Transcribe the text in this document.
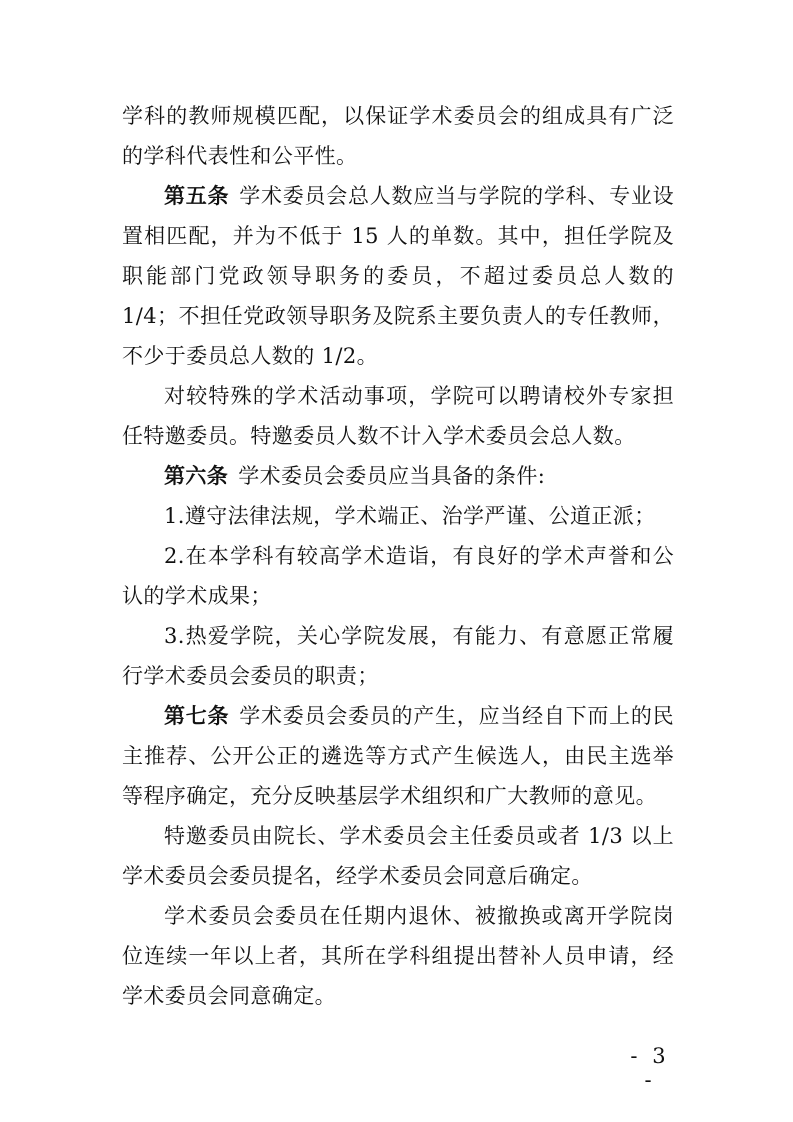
学科的教师规模匹配，以保证学术委员会的组成具有广泛的学科代表性和公平性。

第五条 学术委员会总人数应当与学院的学科、专业设置相匹配，并为不低于 15 人的单数。其中，担任学院及职能部门党政领导职务的委员，不超过委员总人数的 1/4；不担任党政领导职务及院系主要负责人的专任教师，不少于委员总人数的 1/2。

对较特殊的学术活动事项，学院可以聘请校外专家担任特邀委员。特邀委员人数不计入学术委员会总人数。

第六条 学术委员会委员应当具备的条件:

1.遵守法律法规，学术端正、治学严谨、公道正派；

2.在本学科有较高学术造诣，有良好的学术声誉和公认的学术成果；

3.热爱学院，关心学院发展，有能力、有意愿正常履行学术委员会委员的职责；

第七条 学术委员会委员的产生，应当经自下而上的民主推荐、公开公正的遴选等方式产生候选人，由民主选举等程序确定，充分反映基层学术组织和广大教师的意见。

特邀委员由院长、学术委员会主任委员或者 1/3 以上学术委员会委员提名，经学术委员会同意后确定。

学术委员会委员在任期内退休、被撤换或离开学院岗位连续一年以上者，其所在学科组提出替补人员申请，经学术委员会同意确定。

- 3 -
